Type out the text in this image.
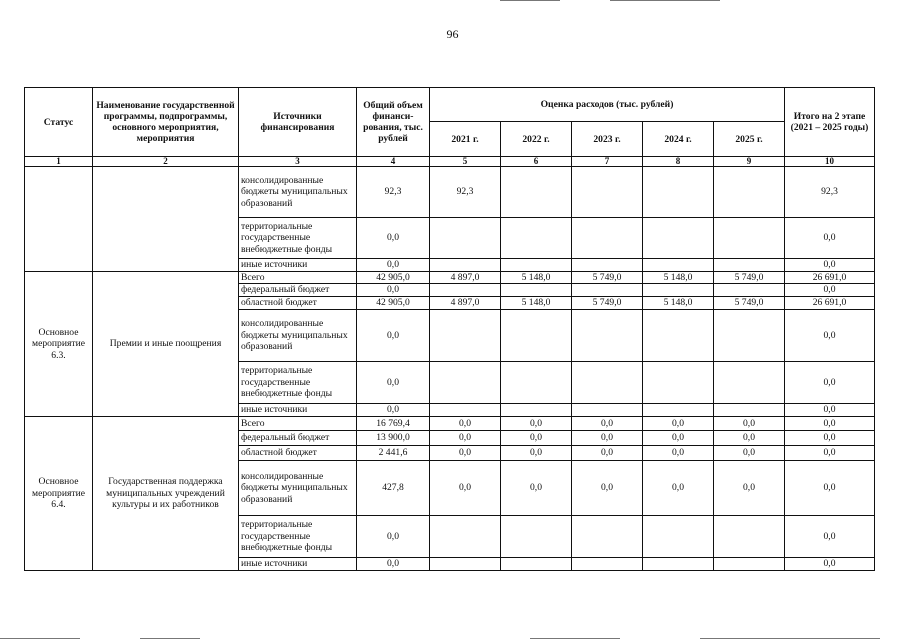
96
Статус	Наименование государственной программы, подпрограммы, основного мероприятия, мероприятия	Источники финансирования	Общий объем финанси-рования, тыс. рублей	Оценка расходов (тыс. рублей)					Итого на 2 этапе (2021 – 2025 годы)
				2021 г.	2022 г.	2023 г.	2024 г.	2025 г.	
1	2	3	4	5	6	7	8	9	10
		консолидированные бюджеты муниципальных образований	92,3	92,3					92,3
		территориальные государственные внебюджетные фонды	0,0						0,0
		иные источники	0,0						0,0
Основное мероприятие 6.3.	Премии и иные поощрения	Всего	42 905,0	4 897,0	5 148,0	5 749,0	5 148,0	5 749,0	26 691,0
		федеральный бюджет	0,0						0,0
		областной бюджет	42 905,0	4 897,0	5 148,0	5 749,0	5 148,0	5 749,0	26 691,0
		консолидированные бюджеты муниципальных образований	0,0						0,0
		территориальные государственные внебюджетные фонды	0,0						0,0
		иные источники	0,0						0,0
Основное мероприятие 6.4.	Государственная поддержка муниципальных учреждений культуры и их работников	Всего	16 769,4	0,0	0,0	0,0	0,0	0,0	0,0
		федеральный бюджет	13 900,0	0,0	0,0	0,0	0,0	0,0	0,0
		областной бюджет	2 441,6	0,0	0,0	0,0	0,0	0,0	0,0
		консолидированные бюджеты муниципальных образований	427,8	0,0	0,0	0,0	0,0	0,0	0,0
		территориальные государственные внебюджетные фонды	0,0						0,0
		иные источники	0,0						0,0
